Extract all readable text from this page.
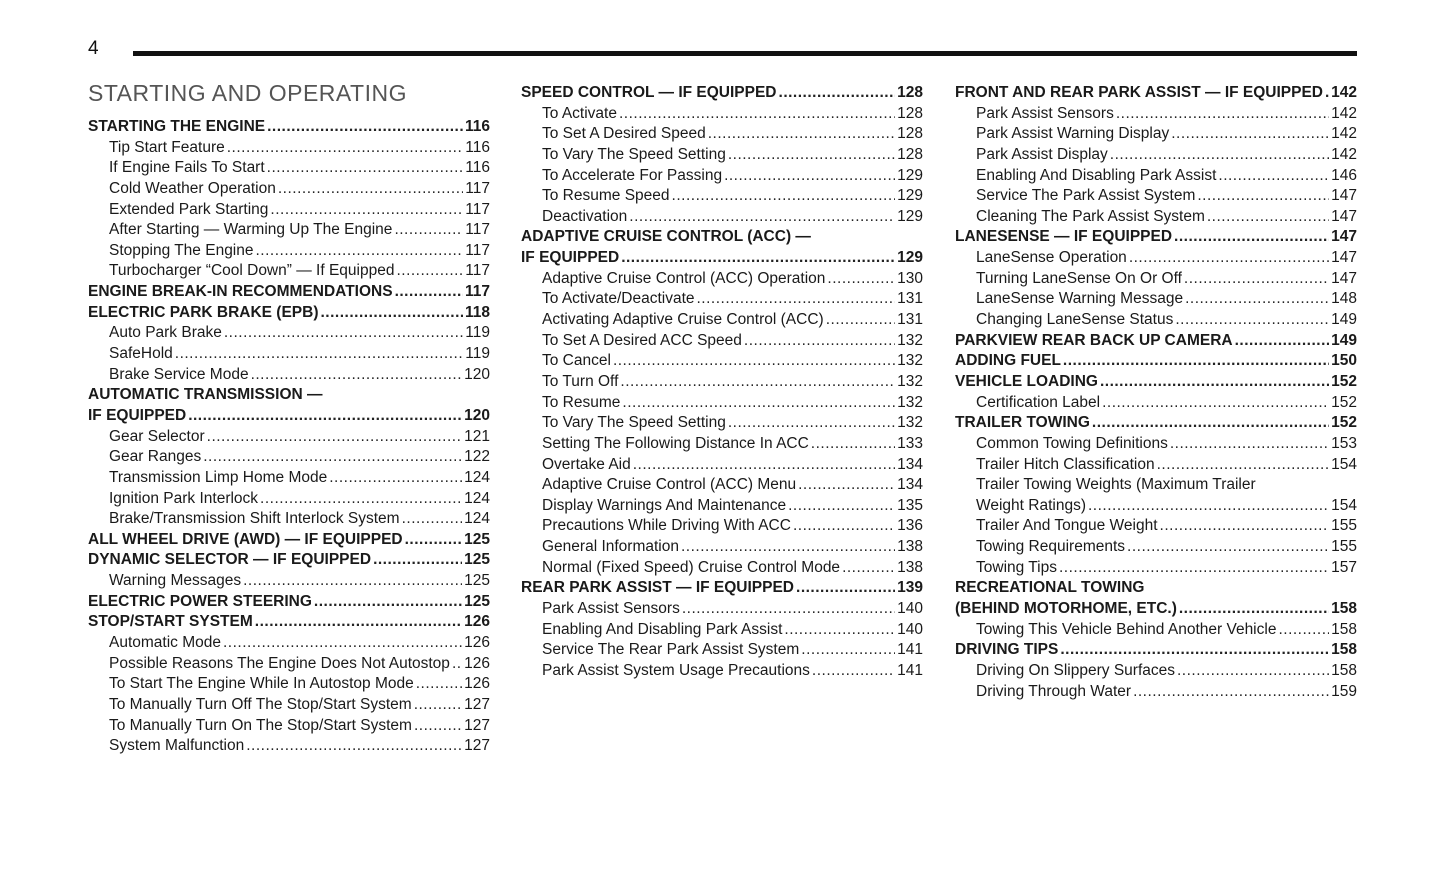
4
STARTING AND OPERATING
STARTING THE ENGINE .....	116
Tip Start Feature .....	116
If Engine Fails To Start .....	116
Cold Weather Operation .....	117
Extended Park Starting .....	117
After Starting — Warming Up The Engine .....	117
Stopping The Engine .....	117
Turbocharger “Cool Down” — If Equipped .....	117
ENGINE BREAK-IN RECOMMENDATIONS .....	117
ELECTRIC PARK BRAKE (EPB) .....	118
Auto Park Brake .....	119
SafeHold .....	119
Brake Service Mode .....	120
AUTOMATIC TRANSMISSION —
IF EQUIPPED .....	120
Gear Selector .....	121
Gear Ranges .....	122
Transmission Limp Home Mode .....	124
Ignition Park Interlock .....	124
Brake/Transmission Shift Interlock System .....	124
ALL WHEEL DRIVE (AWD) — IF EQUIPPED .....	125
DYNAMIC SELECTOR — IF EQUIPPED .....	125
Warning Messages .....	125
ELECTRIC POWER STEERING .....	125
STOP/START SYSTEM .....	126
Automatic Mode .....	126
Possible Reasons The Engine Does Not Autostop ..... 126
To Start The Engine While In Autostop Mode .....	126
To Manually Turn Off The Stop/Start System .....	127
To Manually Turn On The Stop/Start System .....	127
System Malfunction .....	127
SPEED CONTROL — IF EQUIPPED .....	128
To Activate .....	128
To Set A Desired Speed .....	128
To Vary The Speed Setting .....	128
To Accelerate For Passing .....	129
To Resume Speed .....	129
Deactivation .....	129
ADAPTIVE CRUISE CONTROL (ACC) —
IF EQUIPPED .....	129
Adaptive Cruise Control (ACC) Operation .....	130
To Activate/Deactivate .....	131
Activating Adaptive Cruise Control (ACC) .....	131
To Set A Desired ACC Speed .....	132
To Cancel .....	132
To Turn Off .....	132
To Resume .....	132
To Vary The Speed Setting .....	132
Setting The Following Distance In ACC .....	133
Overtake Aid .....	134
Adaptive Cruise Control (ACC) Menu .....	134
Display Warnings And Maintenance .....	135
Precautions While Driving With ACC .....	136
General Information .....	138
Normal (Fixed Speed) Cruise Control Mode .....	138
REAR PARK ASSIST — IF EQUIPPED .....	139
Park Assist Sensors .....	140
Enabling And Disabling Park Assist .....	140
Service The Rear Park Assist System .....	141
Park Assist System Usage Precautions .....	141
FRONT AND REAR PARK ASSIST — IF EQUIPPED ..... 142
Park Assist Sensors .....	142
Park Assist Warning Display .....	142
Park Assist Display .....	142
Enabling And Disabling Park Assist .....	146
Service The Park Assist System .....	147
Cleaning The Park Assist System .....	147
LANESENSE — IF EQUIPPED .....	147
LaneSense Operation .....	147
Turning LaneSense On Or Off .....	147
LaneSense Warning Message .....	148
Changing LaneSense Status .....	149
PARKVIEW REAR BACK UP CAMERA .....	149
ADDING FUEL .....	150
VEHICLE LOADING .....	152
Certification Label .....	152
TRAILER TOWING .....	152
Common Towing Definitions .....	153
Trailer Hitch Classification .....	154
Trailer Towing Weights (Maximum Trailer
Weight Ratings) .....	154
Trailer And Tongue Weight .....	155
Towing Requirements .....	155
Towing Tips .....	157
RECREATIONAL TOWING
(BEHIND MOTORHOME, ETC.) .....	158
Towing This Vehicle Behind Another Vehicle .....	158
DRIVING TIPS .....	158
Driving On Slippery Surfaces .....	158
Driving Through Water .....	159
